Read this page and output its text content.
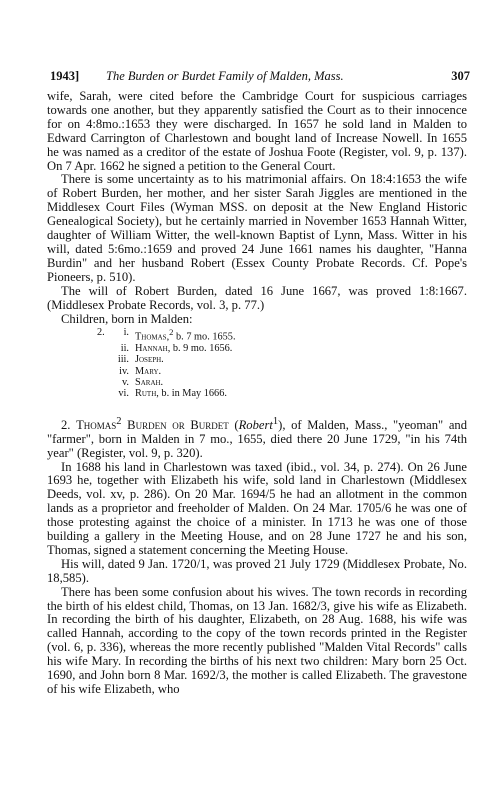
1943] The Burden or Burdet Family of Malden, Mass.	307

wife, Sarah, were cited before the Cambridge Court for suspicious carriages towards one another, but they apparently satisfied the Court as to their innocence for on 4:8mo.:1653 they were discharged. In 1657 he sold land in Malden to Edward Carrington of Charlestown and bought land of Increase Nowell. In 1655 he was named as a creditor of the estate of Joshua Foote (Register, vol. 9, p. 137). On 7 Apr. 1662 he signed a petition to the General Court.

There is some uncertainty as to his matrimonial affairs. On 18:4:1653 the wife of Robert Burden, her mother, and her sister Sarah Jiggles are mentioned in the Middlesex Court Files (Wyman MSS. on deposit at the New England Historic Genealogical Society), but he certainly married in November 1653 Hannah Witter, daughter of William Witter, the well-known Baptist of Lynn, Mass. Witter in his will, dated 5:6mo.:1659 and proved 24 June 1661 names his daughter, "Hanna Burdin" and her husband Robert (Essex County Probate Records. Cf. Pope's Pioneers, p. 510).

The will of Robert Burden, dated 16 June 1667, was proved 1:8:1667. (Middlesex Probate Records, vol. 3, p. 77.)

Children, born in Malden:

2.	i. Thomas,$^2$ b. 7 mo. 1655.
ii. Hannah, b. 9 mo. 1656.
iii. Joseph.
iv. Mary.
v. Sarah.
vi. Ruth, b. in May 1666.

2. Thomas$^2$ Burden or Burdet (Robert$^1$), of Malden, Mass., "yeoman" and "farmer", born in Malden in 7 mo., 1655, died there 20 June 1729, "in his 74th year" (Register, vol. 9, p. 320).

In 1688 his land in Charlestown was taxed (ibid., vol. 34, p. 274). On 26 June 1693 he, together with Elizabeth his wife, sold land in Charlestown (Middlesex Deeds, vol. xv, p. 286). On 20 Mar. 1694/5 he had an allotment in the common lands as a proprietor and freeholder of Malden. On 24 Mar. 1705/6 he was one of those protesting against the choice of a minister. In 1713 he was one of those building a gallery in the Meeting House, and on 28 June 1727 he and his son, Thomas, signed a statement concerning the Meeting House.

His will, dated 9 Jan. 1720/1, was proved 21 July 1729 (Middlesex Probate, No. 18,585).

There has been some confusion about his wives. The town records in recording the birth of his eldest child, Thomas, on 13 Jan. 1682/3, give his wife as Elizabeth. In recording the birth of his daughter, Elizabeth, on 28 Aug. 1688, his wife was called Hannah, according to the copy of the town records printed in the Register (vol. 6, p. 336), whereas the more recently published "Malden Vital Records" calls his wife Mary. In recording the births of his next two children: Mary born 25 Oct. 1690, and John born 8 Mar. 1692/3, the mother is called Elizabeth. The gravestone of his wife Elizabeth, who
